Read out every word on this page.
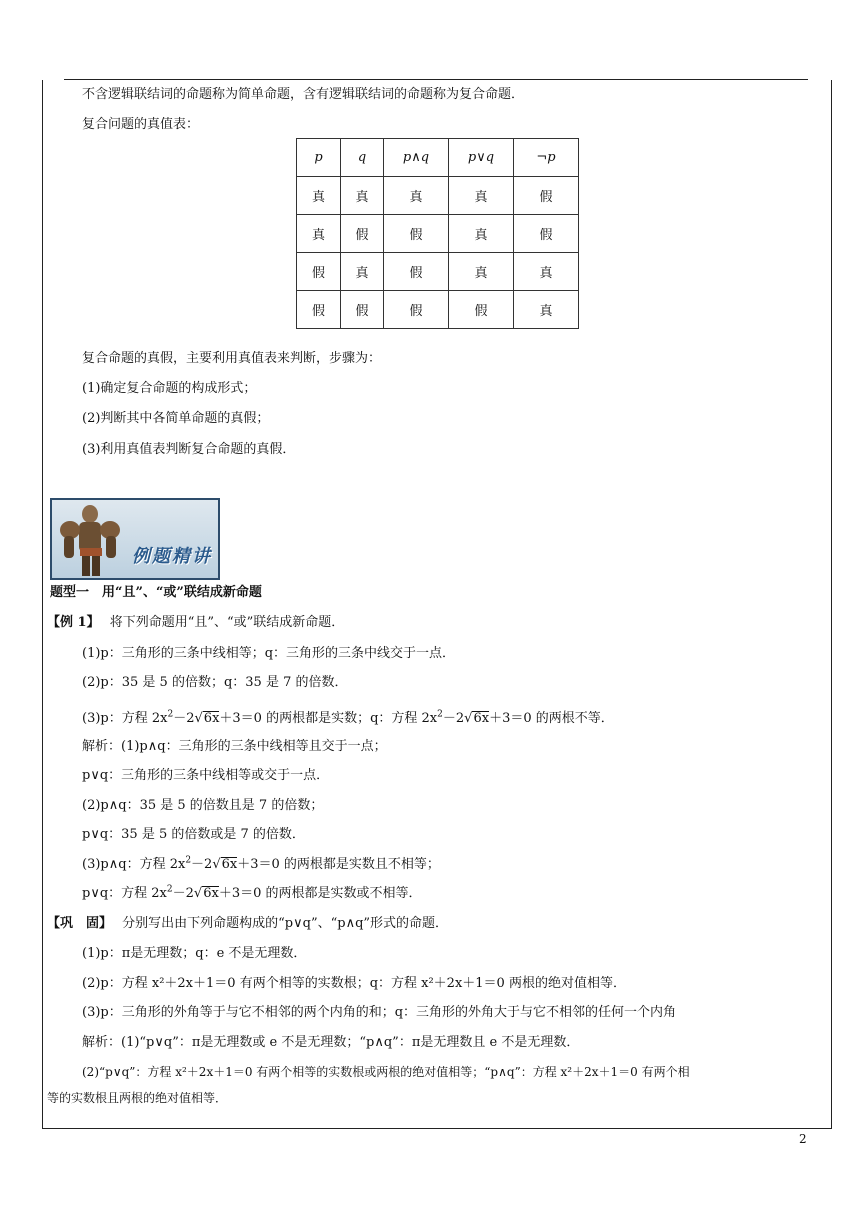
不含逻辑联结词的命题称为简单命题，含有逻辑联结词的命题称为复合命题．
复合问题的真值表：
p	q	p∧q	p∨q	¬p
真	真	真	真	假
真	假	假	真	假
假	真	假	真	真
假	假	假	假	真
复合命题的真假，主要利用真值表来判断，步骤为：
(1)确定复合命题的构成形式；
(2)判断其中各简单命题的真假；
(3)利用真值表判断复合命题的真假．
例题精讲
题型一　用“且”、“或”联结成新命题
【例 1】 将下列命题用“且”、“或”联结成新命题．
(1)p：三角形的三条中线相等；q：三角形的三条中线交于一点．
(2)p：35 是 5 的倍数；q：35 是 7 的倍数．
(3)p：方程 $2x^2-2√6x+3=0$ 的两根都是实数；q：方程 $2x^2-2√6x+3=0$ 的两根不等．
解析：(1)p∧q：三角形的三条中线相等且交于一点；
p∨q：三角形的三条中线相等或交于一点．
(2)p∧q：35 是 5 的倍数且是 7 的倍数；
p∨q：35 是 5 的倍数或是 7 的倍数．
(3)p∧q：方程 $2x^2-2√6x+3=0$ 的两根都是实数且不相等；
p∨q：方程 $2x^2-2√6x+3=0$ 的两根都是实数或不相等．
【巩　固】 分别写出由下列命题构成的“p∨q”、“p∧q”形式的命题．
(1)p：π是无理数；q：e 不是无理数．
(2)p：方程 x²＋2x＋1＝0 有两个相等的实数根；q：方程 x²＋2x＋1＝0 两根的绝对值相等．
(3)p：三角形的外角等于与它不相邻的两个内角的和；q：三角形的外角大于与它不相邻的任何一个内角
解析：(1)“p∨q”：π是无理数或 e 不是无理数；“p∧q”：π是无理数且 e 不是无理数．
(2)“p∨q”：方程 x²＋2x＋1＝0 有两个相等的实数根或两根的绝对值相等；“p∧q”：方程 x²＋2x＋1＝0 有两个相
等的实数根且两根的绝对值相等．
2
